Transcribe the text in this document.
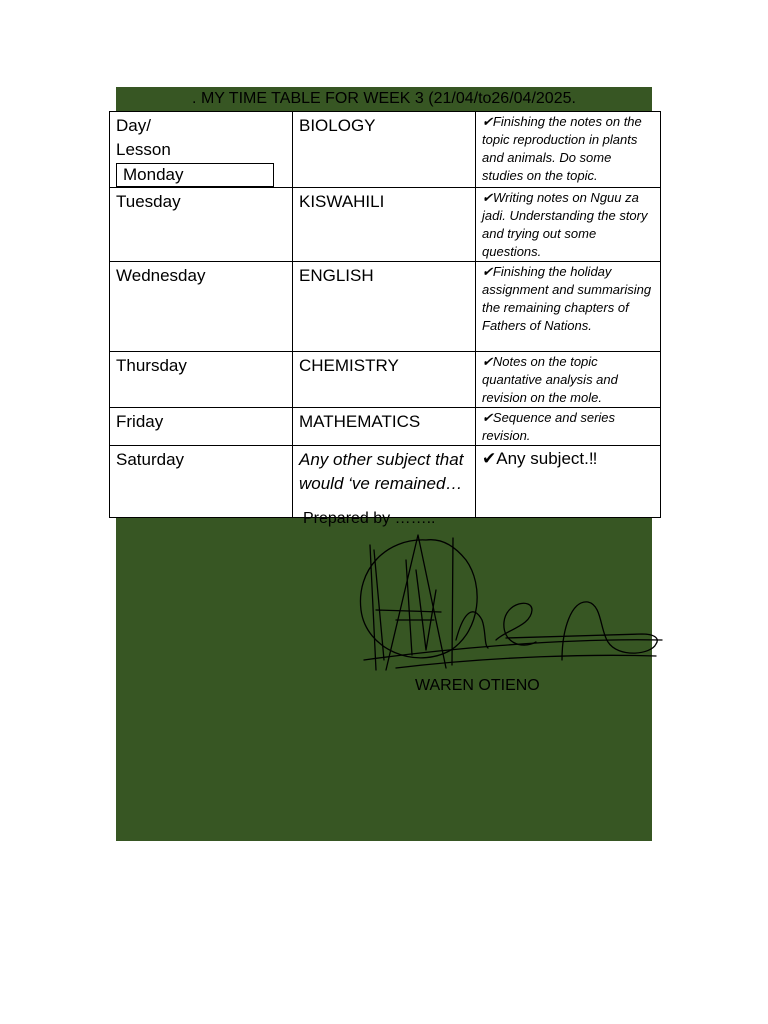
. MY TIME TABLE FOR WEEK 3 (21/04/to26/04/2025.
Day/
Lesson
Monday	BIOLOGY	✔Finishing the notes on the topic reproduction in plants and animals. Do some studies on the topic.
Tuesday	KISWAHILI	✔Writing notes on Nguu za jadi. Understanding the story and trying out some questions.
Wednesday	ENGLISH	✔Finishing the holiday assignment and summarising the remaining chapters of Fathers of Nations.
Thursday	CHEMISTRY	✔Notes on the topic quantative analysis and revision on the mole.
Friday	MATHEMATICS	✔Sequence and series revision.
Saturday	Any other subject that would ‘ve remained…	✔Any subject.‼
Prepared by ……..
WAREN OTIENO
